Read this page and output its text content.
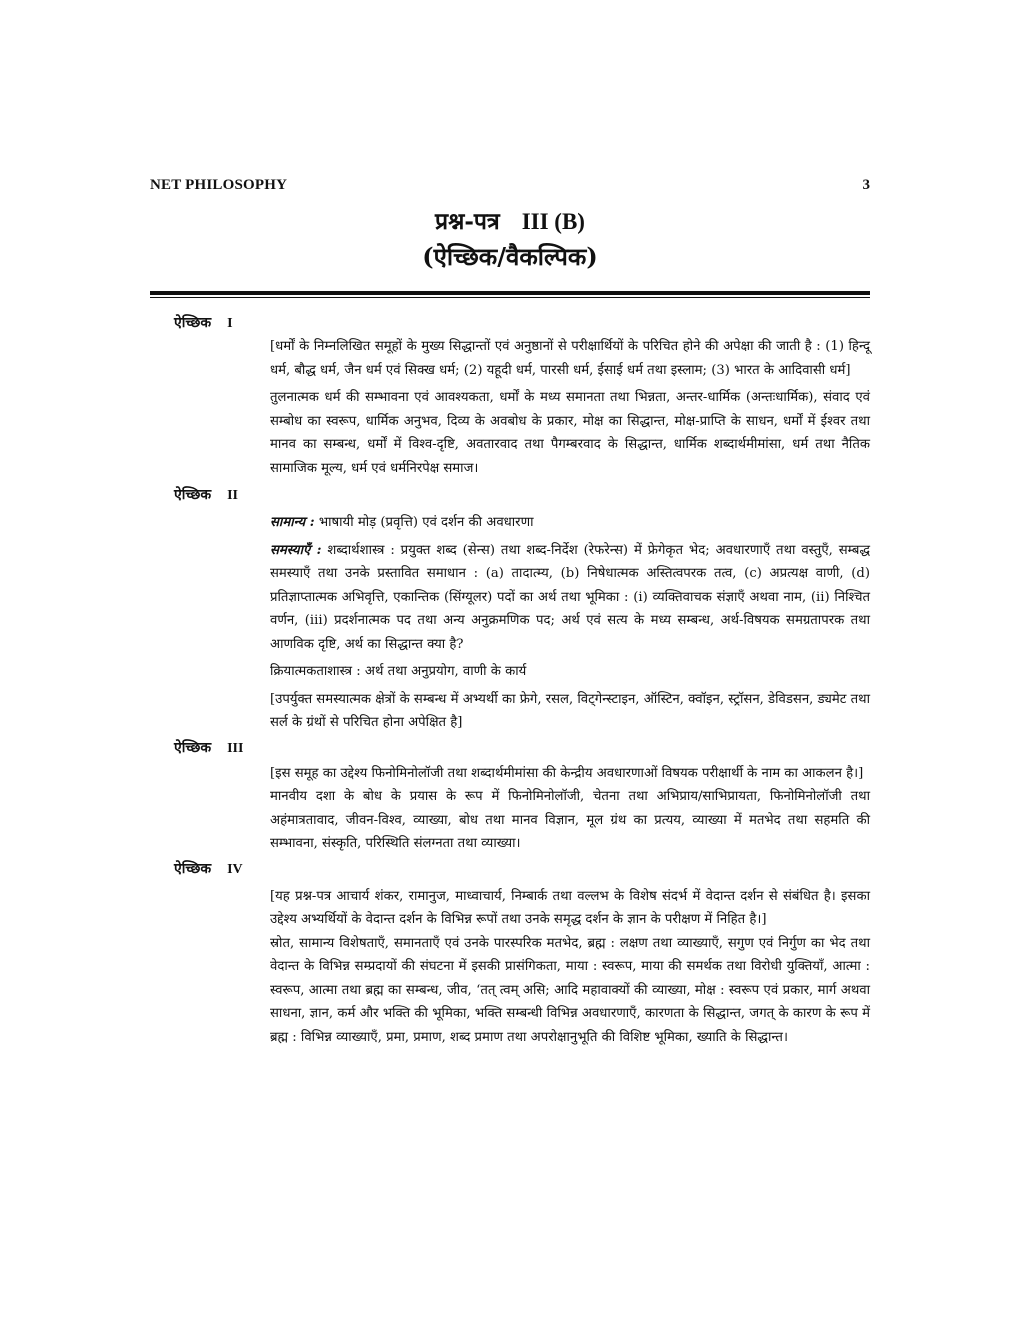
NET PHILOSOPHY	3
प्रश्न-पत्र III (B)
(ऐच्छिक/वैकल्पिक)
ऐच्छिक I

[धर्मों के निम्नलिखित समूहों के मुख्य सिद्धान्तों एवं अनुष्ठानों से परीक्षार्थियों के परिचित होने की अपेक्षा की जाती है : (1) हिन्दू धर्म, बौद्ध धर्म, जैन धर्म एवं सिक्ख धर्म; (2) यहूदी धर्म, पारसी धर्म, ईसाई धर्म तथा इस्लाम; (3) भारत के आदिवासी धर्म]

तुलनात्मक धर्म की सम्भावना एवं आवश्यकता, धर्मों के मध्य समानता तथा भिन्नता, अन्तर-धार्मिक (अन्तःधार्मिक), संवाद एवं सम्बोध का स्वरूप, धार्मिक अनुभव, दिव्य के अवबोध के प्रकार, मोक्ष का सिद्धान्त, मोक्ष-प्राप्ति के साधन, धर्मों में ईश्वर तथा मानव का सम्बन्ध, धर्मों में विश्व-दृष्टि, अवतारवाद तथा पैगम्बरवाद के सिद्धान्त, धार्मिक शब्दार्थमीमांसा, धर्म तथा नैतिक सामाजिक मूल्य, धर्म एवं धर्मनिरपेक्ष समाज।

ऐच्छिक II

सामान्य : भाषायी मोड़ (प्रवृत्ति) एवं दर्शन की अवधारणा

समस्याएँ : शब्दार्थशास्त्र : प्रयुक्त शब्द (सेन्स) तथा शब्द-निर्देश (रेफरेन्स) में फ्रेगेकृत भेद; अवधारणाएँ तथा वस्तुएँ, सम्बद्ध समस्याएँ तथा उनके प्रस्तावित समाधान : (a) तादात्म्य, (b) निषेधात्मक अस्तित्वपरक तत्व, (c) अप्रत्यक्ष वाणी, (d) प्रतिज्ञाप्तात्मक अभिवृत्ति, एकान्तिक (सिंग्यूलर) पदों का अर्थ तथा भूमिका : (i) व्यक्तिवाचक संज्ञाएँ अथवा नाम, (ii) निश्चित वर्णन, (iii) प्रदर्शनात्मक पद तथा अन्य अनुक्रमणिक पद; अर्थ एवं सत्य के मध्य सम्बन्ध, अर्थ-विषयक समग्रतापरक तथा आणविक दृष्टि, अर्थ का सिद्धान्त क्या है?

क्रियात्मकताशास्त्र : अर्थ तथा अनुप्रयोग, वाणी के कार्य

[उपर्युक्त समस्यात्मक क्षेत्रों के सम्बन्ध में अभ्यर्थी का फ्रेगे, रसल, विट्गेन्स्टाइन, ऑस्टिन, क्वॉइन, स्ट्रॉसन, डेविडसन, ड्यमेट तथा सर्ल के ग्रंथों से परिचित होना अपेक्षित है]

ऐच्छिक III

[इस समूह का उद्देश्य फिनोमिनोलॉजी तथा शब्दार्थमीमांसा की केन्द्रीय अवधारणाओं विषयक परीक्षार्थी के नाम का आकलन है।]

मानवीय दशा के बोध के प्रयास के रूप में फिनोमिनोलॉजी, चेतना तथा अभिप्राय/साभिप्रायता, फिनोमिनोलॉजी तथा अहंमात्रतावाद, जीवन-विश्व, व्याख्या, बोध तथा मानव विज्ञान, मूल ग्रंथ का प्रत्यय, व्याख्या में मतभेद तथा सहमति की सम्भावना, संस्कृति, परिस्थिति संलग्नता तथा व्याख्या।

ऐच्छिक IV

[यह प्रश्न-पत्र आचार्य शंकर, रामानुज, माध्वाचार्य, निम्बार्क तथा वल्लभ के विशेष संदर्भ में वेदान्त दर्शन से संबंधित है। इसका उद्देश्य अभ्यर्थियों के वेदान्त दर्शन के विभिन्न रूपों तथा उनके समृद्ध दर्शन के ज्ञान के परीक्षण में निहित है।]

स्रोत, सामान्य विशेषताएँ, समानताएँ एवं उनके पारस्परिक मतभेद, ब्रह्म : लक्षण तथा व्याख्याएँ, सगुण एवं निर्गुण का भेद तथा वेदान्त के विभिन्न सम्प्रदायों की संघटना में इसकी प्रासंगिकता, माया : स्वरूप, माया की समर्थक तथा विरोधी युक्तियाँ, आत्मा : स्वरूप, आत्मा तथा ब्रह्म का सम्बन्ध, जीव, ‘तत् त्वम् असि; आदि महावाक्यों की व्याख्या, मोक्ष : स्वरूप एवं प्रकार, मार्ग अथवा साधना, ज्ञान, कर्म और भक्ति की भूमिका, भक्ति सम्बन्धी विभिन्न अवधारणाएँ, कारणता के सिद्धान्त, जगत् के कारण के रूप में ब्रह्म : विभिन्न व्याख्याएँ, प्रमा, प्रमाण, शब्द प्रमाण तथा अपरोक्षानुभूति की विशिष्ट भूमिका, ख्याति के सिद्धान्त।
